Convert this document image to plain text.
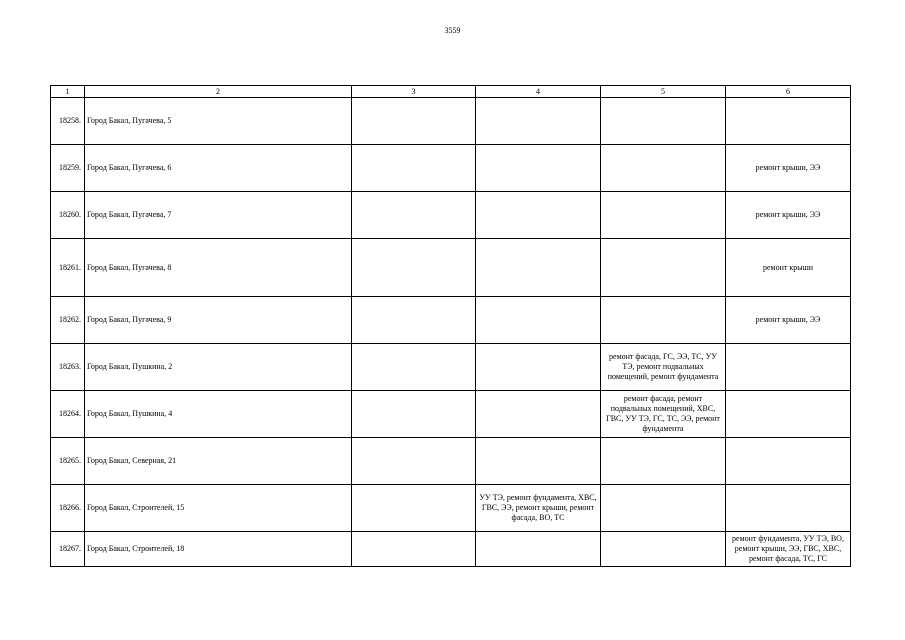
3559
1	2	3	4	5	6
18258.	Город Бакал, Пугачева, 5				
18259.	Город Бакал, Пугачева, 6				ремонт крыши, ЭЭ
18260.	Город Бакал, Пугачева, 7				ремонт крыши, ЭЭ
18261.	Город Бакал, Пугачева, 8				ремонт крыши
18262.	Город Бакал, Пугачева, 9				ремонт крыши, ЭЭ
18263.	Город Бакал, Пушкина, 2			ремонт фасада, ГС, ЭЭ, ТС, УУ ТЭ, ремонт подвальных помещений, ремонт фундамента	
18264.	Город Бакал, Пушкина, 4			ремонт фасада, ремонт подвальных помещений, ХВС, ГВС, УУ ТЭ, ГС, ТС, ЭЭ, ремонт фундамента	
18265.	Город Бакал, Северная, 21				
18266.	Город Бакал, Строителей, 15		УУ ТЭ, ремонт фундамента, ХВС, ГВС, ЭЭ, ремонт крыши, ремонт фасада, ВО, ТС		
18267.	Город Бакал, Строителей, 18				ремонт фундамента, УУ ТЭ, ВО, ремонт крыши, ЭЭ, ГВС, ХВС, ремонт фасада, ТС, ГС
